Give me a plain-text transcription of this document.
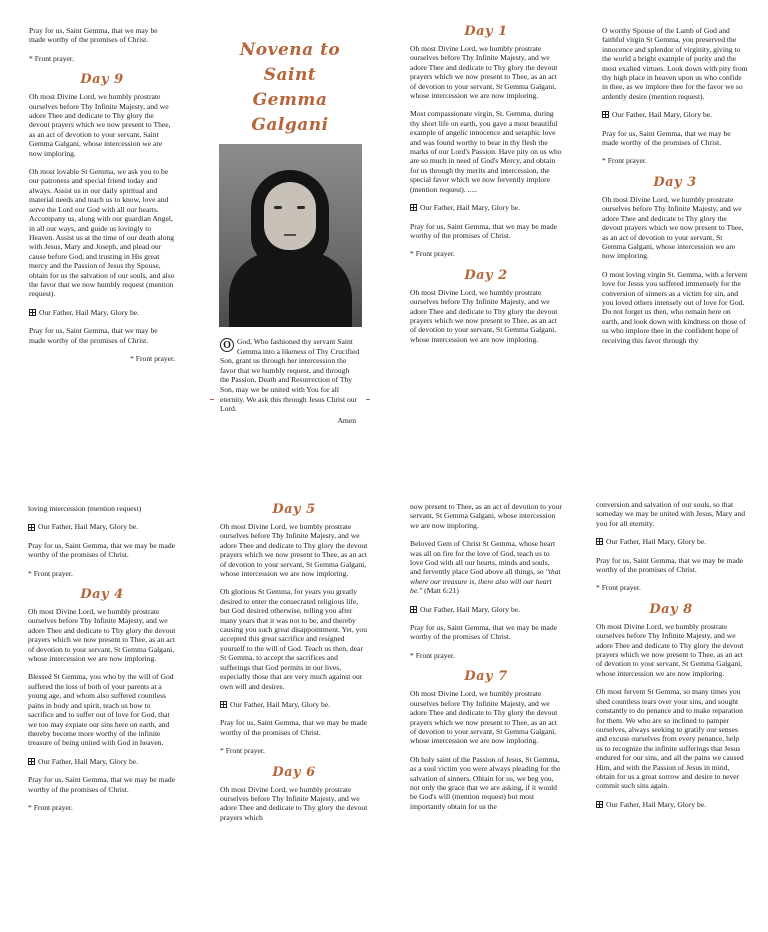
Pray for us, Saint Gemma, that we may be made worthy of the promises of Christ.

* Front prayer.

Day 9

Oh most Divine Lord, we humbly prostrate ourselves before Thy Infinite Majesty, and we adore Thee and dedicate to Thy glory the devout prayers which we now present to Thee, as an act of devotion to your servant, Saint Gemma Galgani, whose intercession we are now imploring.

Oh most lovable St Gemma, we ask you to be our patroness and special friend today and always. Assist us in our daily spiritual and material needs and teach us to know, love and serve the Lord our God with all our hearts. Accompany us, along with our guardian Angel, in all our ways, and guide us lovingly to Heaven. Assist us at the time of our death along with Jesus, Mary and Joseph, and plead our cause before God, and trusting in His great mercy and the Passion of Jesus thy Spouse, obtain for us the salvation of our souls, and also the favor that we now humbly request (mention request).

Our Father, Hail Mary, Glory be.

Pray for us, Saint Gemma, that we may be made worthy of the promises of Christ.

* Front prayer.

Novena to Saint
Gemma Galgani
O God, Who fashioned thy servant Saint Gemma into a likeness of Thy Crucified Son, grant us through her intercession the favor that we humbly request, and through the Passion, Death and Resurrection of Thy Son, may we be united with You for all eternity. We ask this through Jesus Christ our Lord.
Amen
Day 1

Oh most Divine Lord, we humbly prostrate ourselves before Thy Infinite Majesty, and we adore Thee and dedicate to Thy glory the devout prayers which we now present to Thee, as an act of devotion to your servant, St Gemma Galgani, whose intercession we are now imploring.

Most compassionate virgin, St. Gemma, during thy short life on earth, you gave a most beautiful example of angelic innocence and seraphic love and was found worthy to bear in thy flesh the marks of our Lord's Passion. Have pity on us who are so much in need of God's Mercy, and obtain for us through thy merits and intercession, the special favor which we now fervently implore (mention request). .....

Our Father, Hail Mary, Glory be.

Pray for us, Saint Gemma, that we may be made worthy of the promises of Christ.

* Front prayer.

Day 2

Oh most Divine Lord, we humbly prostrate ourselves before Thy Infinite Majesty, and we adore Thee and dedicate to Thy glory the devout prayers which we now present to Thee, as an act of devotion to your servant, St Gemma Galgani, whose intercession we are now imploring.

O worthy Spouse of the Lamb of God and faithful virgin St Gemma, you preserved the innocence and splendor of virginity, giving to the world a bright example of purity and the most exalted virtues. Look down with pity from thy high place in heaven upon us who confide in thee, as we implore thee for the favor we so ardently desire (mention request).

Our Father, Hail Mary, Glory be.

Pray for us, Saint Gemma, that we may be made worthy of the promises of Christ.

* Front prayer.

Day 3

Oh most Divine Lord, we humbly prostrate ourselves before Thy Infinite Majesty, and we adore Thee and dedicate to Thy glory the devout prayers which we now present to Thee, as an act of devotion to your servant, St Gemma Galgani, whose intercession we are now imploring.

O most loving virgin St. Gemma, with a fervent love for Jesus you suffered immensely for the conversion of sinners as a victim for sin, and you loved others intensely out of love for God. Do not forget us then, who remain here on earth, and look down with kindness on those of us who implore thee in the confident hope of receiving this favor through thy

loving intercession (mention request)

Our Father, Hail Mary, Glory be.

Pray for us, Saint Gemma, that we may be made worthy of the promises of Christ.

* Front prayer.

Day 4

Oh most Divine Lord, we humbly prostrate ourselves before Thy Infinite Majesty, and we adore Thee and dedicate to Thy glory the devout prayers which we now present to Thee, as an act of devotion to your servant, St Gemma Galgani, whose intercession we are now imploring.

Blessed St Gemma, you who by the will of God suffered the loss of both of your parents at a young age, and whom also suffered countless pains in body and spirit, teach us how to sacrifice and to suffer out of love for God, that we too may expiate our sins here on earth, and thereby become more worthy of the infinite treasure of being united with God in heaven.

Our Father, Hail Mary, Glory be.

Pray for us, Saint Gemma, that we may be made worthy of the promises of Christ.

* Front prayer.

Day 5

Oh most Divine Lord, we humbly prostrate ourselves before Thy Infinite Majesty, and we adore Thee and dedicate to Thy glory the devout prayers which we now present to Thee, as an act of devotion to your servant, St Gemma Galgani, whose intercession we are now imploring.

Oh glorious St Gemma, for years you greatly desired to enter the consecrated religious life, but God desired otherwise, telling you after many years that it was not to be, and thereby causing you such great disappointment. Yet, you accepted this great sacrifice and resigned yourself to the will of God. Teach us then, dear St Gemma, to accept the sacrifices and sufferings that God permits in our lives, especially those that are very much against our own will and desires.

Our Father, Hail Mary, Glory be.

Pray for us, Saint Gemma, that we may be made worthy of the promises of Christ.

* Front prayer.

Day 6

Oh most Divine Lord, we humbly prostrate ourselves before Thy Infinite Majesty, and we adore Thee and dedicate to Thy glory the devout prayers which

now present to Thee, as an act of devotion to your servant, St Gemma Galgani, whose intercession we are now imploring.

Beloved Gem of Christ St Gemma, whose heart was all on fire for the love of God, teach us to love God with all our hearts, minds and souls, and fervently place God above all things, so "that where our treasure is, there also will our heart be." (Matt 6:21)

Our Father, Hail Mary, Glory be.

Pray for us, Saint Gemma, that we may be made worthy of the promises of Christ.

* Front prayer.

Day 7

Oh most Divine Lord, we humbly prostrate ourselves before Thy Infinite Majesty, and we adore Thee and dedicate to Thy glory the devout prayers which we now present to Thee, as an act of devotion to your servant, St Gemma Galgani, whose intercession we are now imploring.

Oh holy saint of the Passion of Jesus, St Gemma, as a soul victim you were always pleading for the salvation of sinners. Obtain for us, we beg you, not only the grace that we are asking, if it would be God's will (mention request) but most importantly obtain for us the

conversion and salvation of our souls, so that someday we may be united with Jesus, Mary and you for all eternity.

Our Father, Hail Mary, Glory be.

Pray for us, Saint Gemma, that we may be made worthy of the promises of Christ.

* Front prayer.

Day 8

Oh most Divine Lord, we humbly prostrate ourselves before Thy Infinite Majesty, and we adore Thee and dedicate to Thy glory the devout prayers which we now present to Thee, as an act of devotion to your servant, St Gemma Galgani, whose intercession we are now imploring.

Oh most fervent St Gemma, so many times you shed countless tears over your sins, and sought constantly to do penance and to make reparation for them. We who are so inclined to pamper ourselves, always seeking to gratify our senses and excuse ourselves from every penance, help us to recognize the infinite sufferings that Jesus endured for our sins, and all the pains we caused Him, and with the Passion of Jesus in mind, obtain for us a great sorrow and desire to never commit such sins again.

Our Father, Hail Mary, Glory be.
